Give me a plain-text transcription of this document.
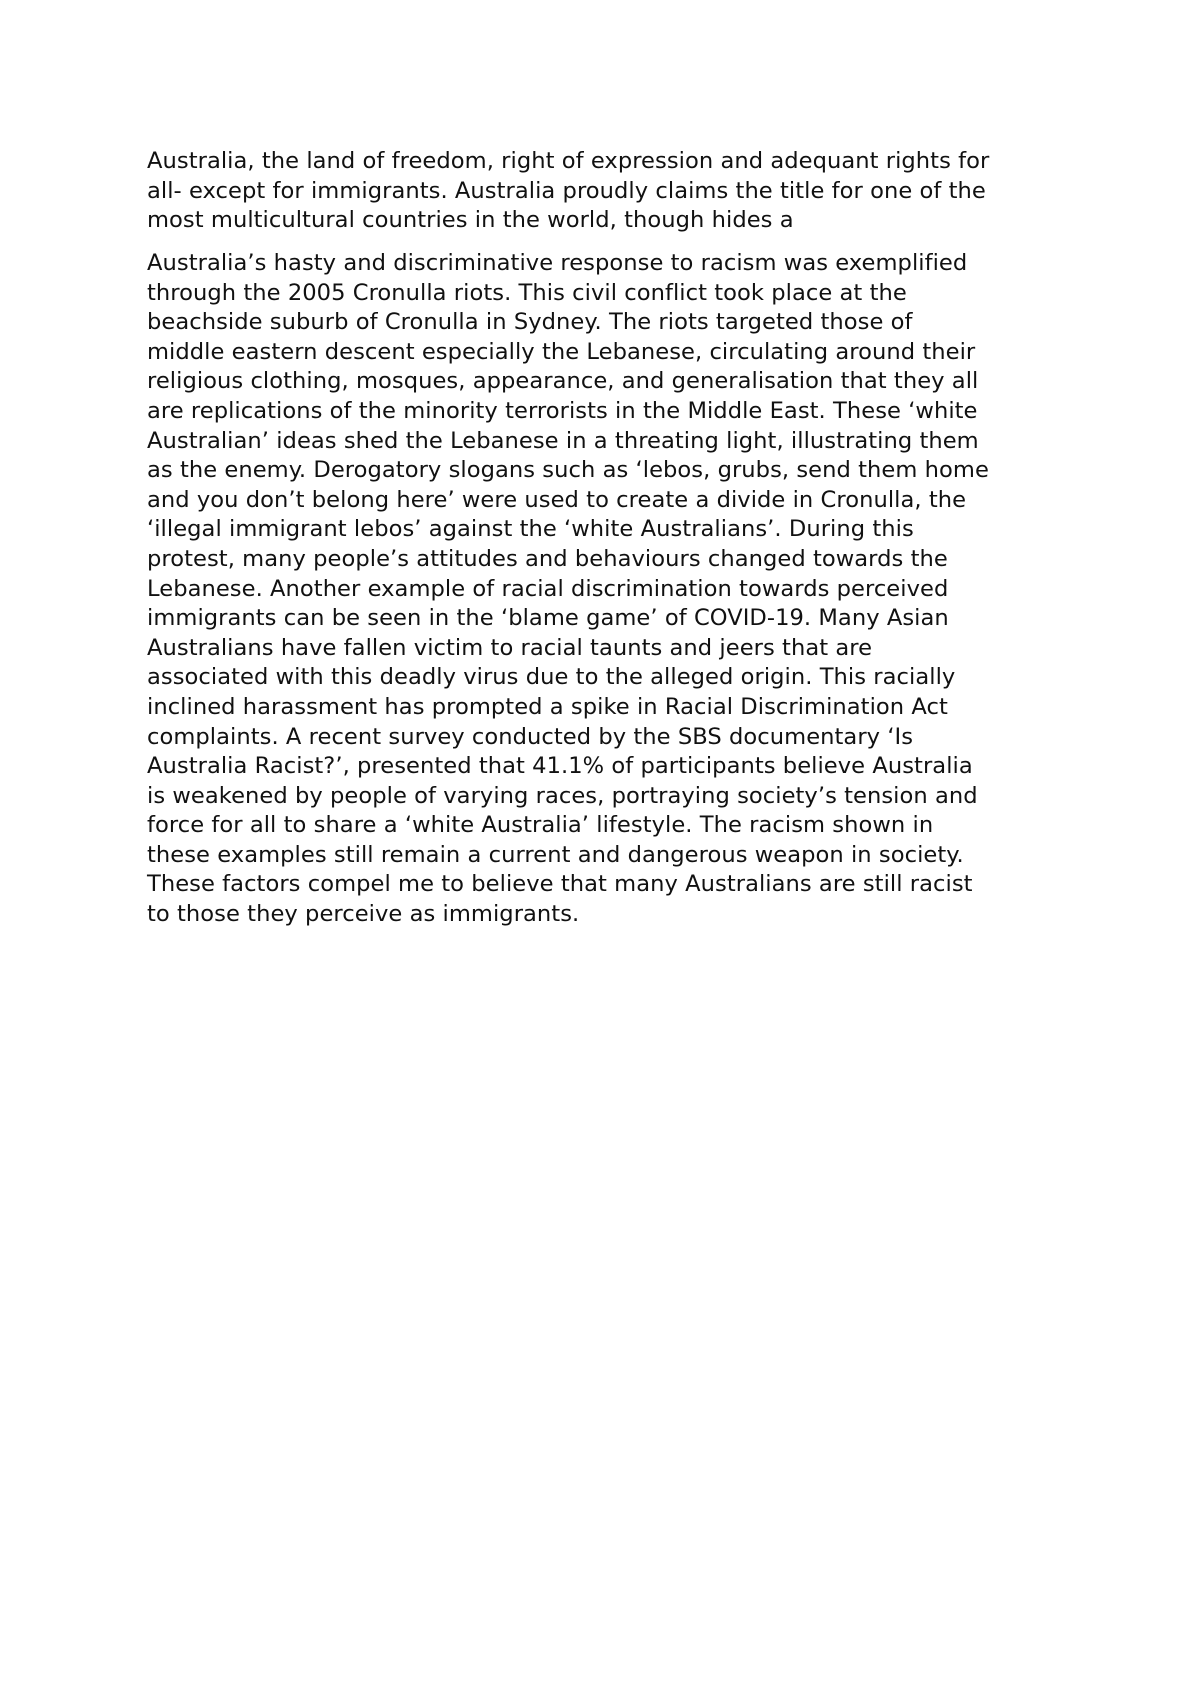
Australia, the land of freedom, right of expression and adequant rights for
all- except for immigrants. Australia proudly claims the title for one of the
most multicultural countries in the world, though hides a

Australia’s hasty and discriminative response to racism was exemplified
through the 2005 Cronulla riots. This civil conflict took place at the
beachside suburb of Cronulla in Sydney. The riots targeted those of
middle eastern descent especially the Lebanese, circulating around their
religious clothing, mosques, appearance, and generalisation that they all
are replications of the minority terrorists in the Middle East. These ‘white
Australian’ ideas shed the Lebanese in a threating light, illustrating them
as the enemy. Derogatory slogans such as ‘lebos, grubs, send them home
and you don’t belong here’ were used to create a divide in Cronulla, the
‘illegal immigrant lebos’ against the ‘white Australians’. During this
protest, many people’s attitudes and behaviours changed towards the
Lebanese. Another example of racial discrimination towards perceived
immigrants can be seen in the ‘blame game’ of COVID-19. Many Asian
Australians have fallen victim to racial taunts and jeers that are
associated with this deadly virus due to the alleged origin. This racially
inclined harassment has prompted a spike in Racial Discrimination Act
complaints. A recent survey conducted by the SBS documentary ‘Is
Australia Racist?’, presented that 41.1% of participants believe Australia
is weakened by people of varying races, portraying society’s tension and
force for all to share a ‘white Australia’ lifestyle. The racism shown in
these examples still remain a current and dangerous weapon in society.
These factors compel me to believe that many Australians are still racist
to those they perceive as immigrants.
